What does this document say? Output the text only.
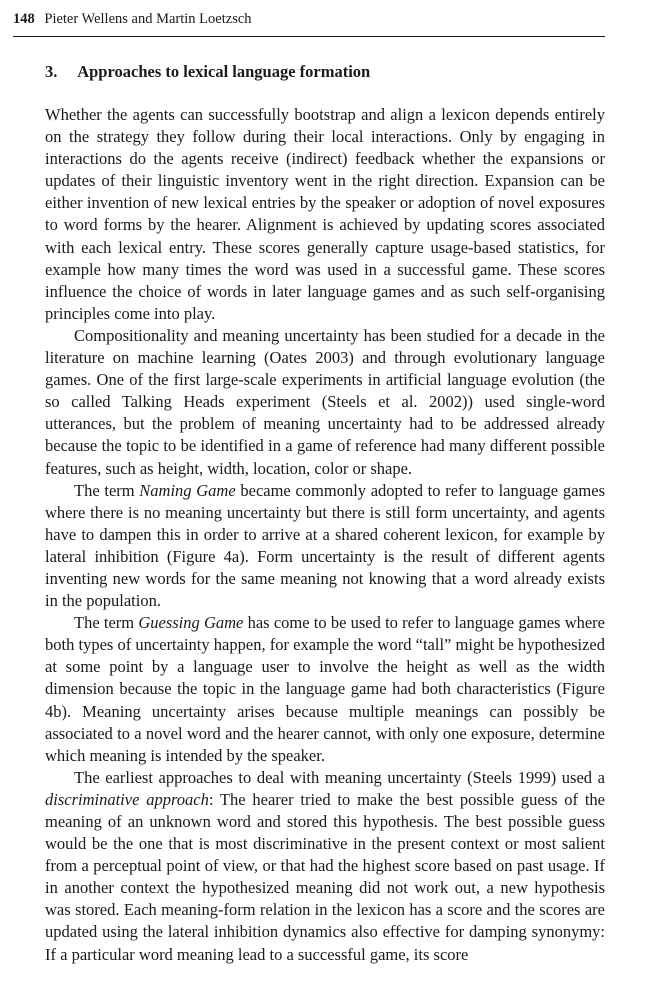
148 Pieter Wellens and Martin Loetzsch
3. Approaches to lexical language formation

Whether the agents can successfully bootstrap and align a lexicon depends entirely on the strategy they follow during their local interactions. Only by engaging in interactions do the agents receive (indirect) feedback whether the expansions or updates of their linguistic inventory went in the right direction. Expansion can be either invention of new lexical entries by the speaker or adoption of novel exposures to word forms by the hearer. Alignment is achieved by updating scores associated with each lexical entry. These scores generally capture usage-based statistics, for example how many times the word was used in a successful game. These scores influence the choice of words in later language games and as such self-organising principles come into play.

Compositionality and meaning uncertainty has been studied for a decade in the literature on machine learning (Oates 2003) and through evolutionary language games. One of the first large-scale experiments in artificial language evolution (the so called Talking Heads experiment (Steels et al. 2002)) used single-word utterances, but the problem of meaning uncertainty had to be addressed already because the topic to be identified in a game of reference had many different possible features, such as height, width, location, color or shape.

The term Naming Game became commonly adopted to refer to language games where there is no meaning uncertainty but there is still form uncertainty, and agents have to dampen this in order to arrive at a shared coherent lexicon, for example by lateral inhibition (Figure 4a). Form uncertainty is the result of different agents inventing new words for the same meaning not knowing that a word already exists in the population.

The term Guessing Game has come to be used to refer to language games where both types of uncertainty happen, for example the word “tall” might be hypothesized at some point by a language user to involve the height as well as the width dimension because the topic in the language game had both characteristics (Figure 4b). Meaning uncertainty arises because multiple meanings can possibly be associated to a novel word and the hearer cannot, with only one exposure, determine which meaning is intended by the speaker.

The earliest approaches to deal with meaning uncertainty (Steels 1999) used a discriminative approach: The hearer tried to make the best possible guess of the meaning of an unknown word and stored this hypothesis. The best possible guess would be the one that is most discriminative in the present context or most salient from a perceptual point of view, or that had the highest score based on past usage. If in another context the hypothesized meaning did not work out, a new hypothesis was stored. Each meaning-form relation in the lexicon has a score and the scores are updated using the lateral inhibition dynamics also effective for damping synonymy: If a particular word meaning lead to a successful game, its score
